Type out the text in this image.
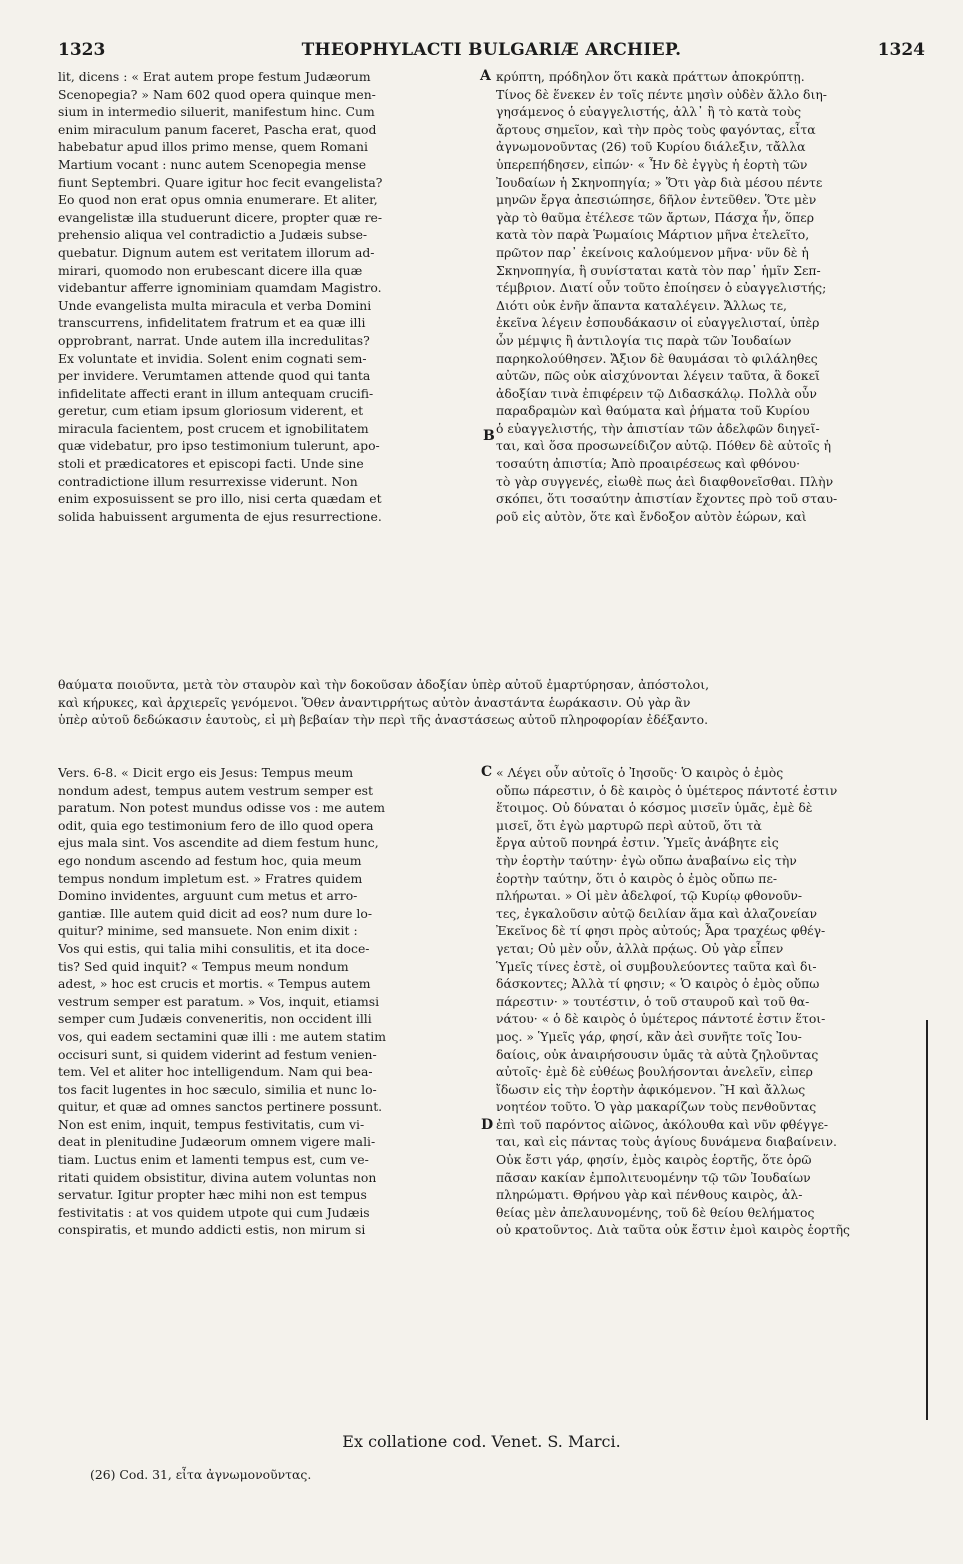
1323	THEOPHYLACTI BULGARIÆ ARCHIEP.	1324
lit, dicens : « Erat autem prope festum Judæorum
Scenopegia? » Nam 602 quod opera quinque men-
sium in intermedio siluerit, manifestum hinc. Cum
enim miraculum panum faceret, Pascha erat, quod
habebatur apud illos primo mense, quem Romani
Martium vocant : nunc autem Scenopegia mense
fiunt Septembri. Quare igitur hoc fecit evangelista?
Eo quod non erat opus omnia enumerare. Et aliter,
evangelistæ illa studuerunt dicere, propter quæ re-
prehensio aliqua vel contradictio a Judæis subse-
quebatur. Dignum autem est veritatem illorum ad-
mirari, quomodo non erubescant dicere illa quæ
videbantur afferre ignominiam quamdam Magistro.
Unde evangelista multa miracula et verba Domini
transcurrens, infidelitatem fratrum et ea quæ illi
opprobrant, narrat. Unde autem illa incredulitas?
Ex voluntate et invidia. Solent enim cognati sem-
per invidere. Verumtamen attende quod qui tanta
infidelitate affecti erant in illum antequam crucifi-
geretur, cum etiam ipsum gloriosum viderent, et
miracula facientem, post crucem et ignobilitatem
quæ videbatur, pro ipso testimonium tulerunt, apo-
stoli et prædicatores et episcopi facti. Unde sine
contradictione illum resurrexisse viderunt. Non
enim exposuissent se pro illo, nisi certa quædam et
solida habuissent argumenta de ejus resurrectione.
κρύπτη, πρόδηλον ὅτι κακὰ πράττων ἀποκρύπτῃ.
Τίνος δὲ ἕνεκεν ἐν τοῖς πέντε μησὶν οὐδὲν ἄλλο διη-
γησάμενος ὁ εὐαγγελιστής, ἀλλ᾽ ἢ τὸ κατὰ τοὺς
ἄρτους σημεῖον, καὶ τὴν πρὸς τοὺς φαγόντας, εἶτα
ἀγνωμονοῦντας (26) τοῦ Κυρίου διάλεξιν, τἄλλα
ὑπερεπήδησεν, εἰπών· « Ἦν δὲ ἐγγὺς ἡ ἑορτὴ τῶν
Ἰουδαίων ἡ Σκηνοπηγία; » Ὅτι γὰρ διὰ μέσου πέντε
μηνῶν ἔργα ἀπεσιώπησε, δῆλον ἐντεῦθεν. Ὅτε μὲν
γὰρ τὸ θαῦμα ἐτέλεσε τῶν ἄρτων, Πάσχα ἦν, ὅπερ
κατὰ τὸν παρὰ Ῥωμαίοις Μάρτιον μῆνα ἐτελεῖτο,
πρῶτον παρ᾽ ἐκείνοις καλούμενον μῆνα· νῦν δὲ ἡ
Σκηνοπηγία, ἣ συνίσταται κατὰ τὸν παρ᾽ ἡμῖν Σεπ-
τέμβριον. Διατί οὖν τοῦτο ἐποίησεν ὁ εὐαγγελιστής;
Διότι οὐκ ἐνῆν ἅπαντα καταλέγειν. Ἄλλως τε,
ἐκεῖνα λέγειν ἐσπουδάκασιν οἱ εὐαγγελισταί, ὑπὲρ
ὧν μέμψις ἢ ἀντιλογία τις παρὰ τῶν Ἰουδαίων
παρηκολούθησεν. Ἄξιον δὲ θαυμάσαι τὸ φιλάληθες
αὐτῶν, πῶς οὐκ αἰσχύνονται λέγειν ταῦτα, ἃ δοκεῖ
ἀδοξίαν τινὰ ἐπιφέρειν τῷ Διδασκάλῳ. Πολλὰ οὖν
παραδραμὼν καὶ θαύματα καὶ ῥήματα τοῦ Κυρίου
ὁ εὐαγγελιστής, τὴν ἀπιστίαν τῶν ἀδελφῶν διηγεῖ-
ται, καὶ ὅσα προσωνείδιζον αὐτῷ. Πόθεν δὲ αὐτοῖς ἡ
τοσαύτη ἀπιστία; Ἀπὸ προαιρέσεως καὶ φθόνου·
τὸ γὰρ συγγενές, εἰωθὲ πως ἀεὶ διαφθονεῖσθαι. Πλὴν
σκόπει, ὅτι τοσαύτην ἀπιστίαν ἔχοντες πρὸ τοῦ σταυ-
ροῦ εἰς αὐτὸν, ὅτε καὶ ἔνδοξον αὐτὸν ἑώρων, καὶ
A
B
θαύματα ποιοῦντα, μετὰ τὸν σταυρὸν καὶ τὴν δοκοῦσαν ἀδοξίαν ὑπὲρ αὐτοῦ ἐμαρτύρησαν, ἀπόστολοι,
καὶ κήρυκες, καὶ ἀρχιερεῖς γενόμενοι. Ὅθεν ἀναντιρρήτως αὐτὸν ἀναστάντα ἑωράκασιν. Οὐ γὰρ ἂν
ὑπὲρ αὐτοῦ δεδώκασιν ἑαυτοὺς, εἰ μὴ βεβαίαν τὴν περὶ τῆς ἀναστάσεως αὐτοῦ πληροφορίαν ἐδέξαντο.
Vers. 6-8. « Dicit ergo eis Jesus: Tempus meum
nondum adest, tempus autem vestrum semper est
paratum. Non potest mundus odisse vos : me autem
odit, quia ego testimonium fero de illo quod opera
ejus mala sint. Vos ascendite ad diem festum hunc,
ego nondum ascendo ad festum hoc, quia meum
tempus nondum impletum est. » Fratres quidem
Domino invidentes, arguunt cum metus et arro-
gantiæ. Ille autem quid dicit ad eos? num dure lo-
quitur? minime, sed mansuete. Non enim dixit :
Vos qui estis, qui talia mihi consulitis, et ita doce-
tis? Sed quid inquit? « Tempus meum nondum
adest, » hoc est crucis et mortis. « Tempus autem
vestrum semper est paratum. » Vos, inquit, etiamsi
semper cum Judæis conveneritis, non occident illi
vos, qui eadem sectamini quæ illi : me autem statim
occisuri sunt, si quidem viderint ad festum venien-
tem. Vel et aliter hoc intelligendum. Nam qui bea-
tos facit lugentes in hoc sæculo, similia et nunc lo-
quitur, et quæ ad omnes sanctos pertinere possunt.
Non est enim, inquit, tempus festivitatis, cum vi-
deat in plenitudine Judæorum omnem vigere mali-
tiam. Luctus enim et lamenti tempus est, cum ve-
ritati quidem obsistitur, divina autem voluntas non
servatur. Igitur propter hæc mihi non est tempus
festivitatis : at vos quidem utpote qui cum Judæis
conspiratis, et mundo addicti estis, non mirum si
« Λέγει οὖν αὐτοῖς ὁ Ἰησοῦς· Ὁ καιρὸς ὁ ἐμὸς
οὔπω πάρεστιν, ὁ δὲ καιρὸς ὁ ὑμέτερος πάντοτέ ἐστιν
ἕτοιμος. Οὐ δύναται ὁ κόσμος μισεῖν ὑμᾶς, ἐμὲ δὲ
μισεῖ, ὅτι ἐγὼ μαρτυρῶ περὶ αὐτοῦ, ὅτι τὰ
ἔργα αὐτοῦ πονηρά ἐστιν. Ὑμεῖς ἀνάβητε εἰς
τὴν ἑορτὴν ταύτην· ἐγὼ οὔπω ἀναβαίνω εἰς τὴν
ἑορτὴν ταύτην, ὅτι ὁ καιρὸς ὁ ἐμὸς οὔπω πε-
πλήρωται. » Οἱ μὲν ἀδελφοί, τῷ Κυρίῳ φθονοῦν-
τες, ἐγκαλοῦσιν αὐτῷ δειλίαν ἅμα καὶ ἀλαζονείαν
Ἐκεῖνος δὲ τί φησι πρὸς αὐτούς; Ἆρα τραχέως φθέγ-
γεται; Οὐ μὲν οὖν, ἀλλὰ πρᾴως. Οὐ γὰρ εἶπεν
Ὑμεῖς τίνες ἐστὲ, οἱ συμβουλεύοντες ταῦτα καὶ δι-
δάσκοντες; Ἀλλὰ τί φησιν; « Ὁ καιρὸς ὁ ἐμὸς οὔπω
πάρεστιν· » τουτέστιν, ὁ τοῦ σταυροῦ καὶ τοῦ θα-
νάτου· « ὁ δὲ καιρὸς ὁ ὑμέτερος πάντοτέ ἐστιν ἕτοι-
μος. » Ὑμεῖς γάρ, φησί, κἂν ἀεὶ συνῆτε τοῖς Ἰου-
δαίοις, οὐκ ἀναιρήσουσιν ὑμᾶς τὰ αὐτὰ ζηλοῦντας
αὐτοῖς· ἐμὲ δὲ εὐθέως βουλήσονται ἀνελεῖν, εἰπερ
ἴδωσιν εἰς τὴν ἑορτὴν ἀφικόμενον. Ἢ καὶ ἄλλως
νοητέον τοῦτο. Ὁ γὰρ μακαρίζων τοὺς πενθοῦντας
ἐπὶ τοῦ παρόντος αἰῶνος, ἀκόλουθα καὶ νῦν φθέγγε-
ται, καὶ εἰς πάντας τοὺς ἁγίους δυνάμενα διαβαίνειν.
Οὐκ ἔστι γάρ, φησίν, ἐμὸς καιρὸς ἑορτῆς, ὅτε ὁρῶ
πᾶσαν κακίαν ἐμπολιτευομένην τῷ τῶν Ἰουδαίων
πληρώματι. Θρήνου γὰρ καὶ πένθους καιρὸς, ἀλ-
θείας μὲν ἀπελαυνομένης, τοῦ δὲ θείου θελήματος
οὐ κρατοῦντος. Διὰ ταῦτα οὐκ ἔστιν ἐμοὶ καιρὸς ἑορτῆς
C
D
Ex collatione cod. Venet. S. Marci.
(26) Cod. 31, εἶτα ἀγνωμονοῦντας.
